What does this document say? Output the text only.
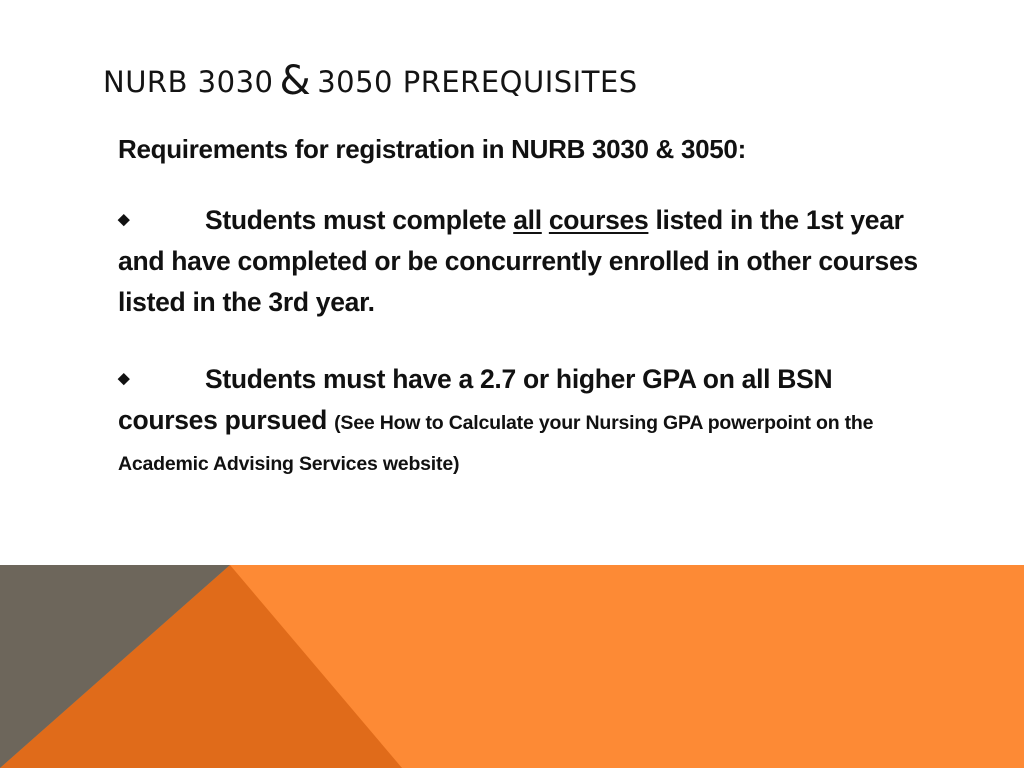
NURB 3030 & 3050 PREREQUISITES

Requirements for registration in NURB 3030 & 3050:

◆	Students must complete all courses listed in the 1st year and have completed or be concurrently enrolled in other courses listed in the 3rd year.

◆	Students must have a 2.7 or higher GPA on all BSN courses pursued (See How to Calculate your Nursing GPA powerpoint on the Academic Advising Services website)
